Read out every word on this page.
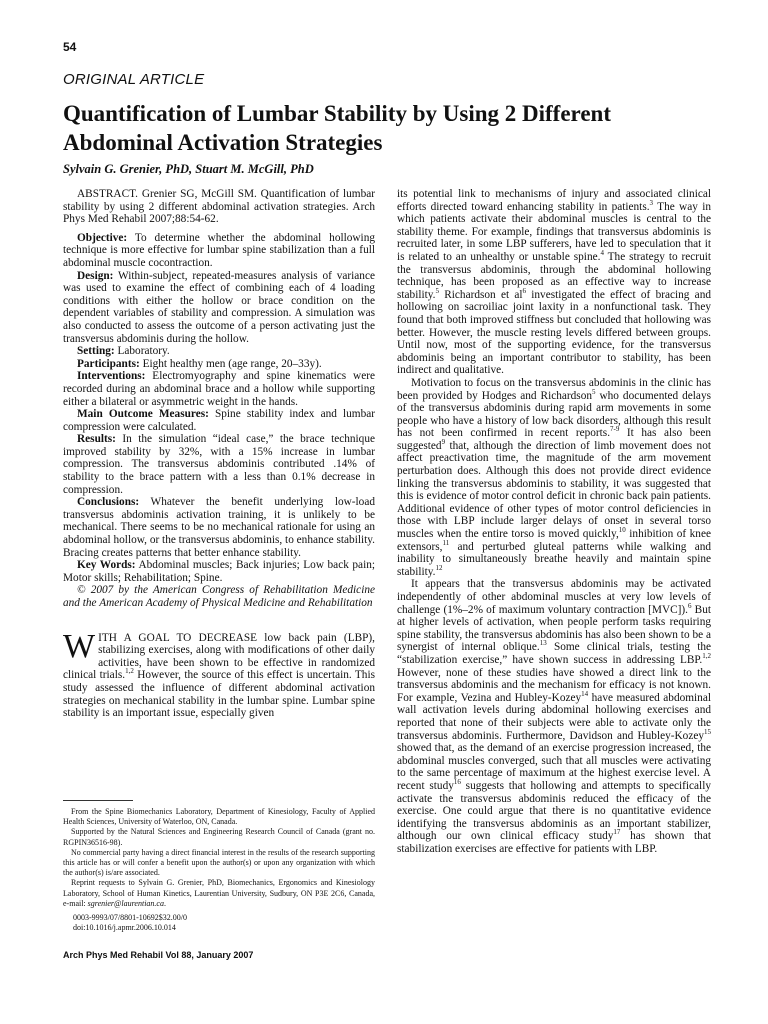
54
ORIGINAL ARTICLE
Quantification of Lumbar Stability by Using 2 Different Abdominal Activation Strategies
Sylvain G. Grenier, PhD, Stuart M. McGill, PhD

ABSTRACT. Grenier SG, McGill SM. Quantification of lumbar stability by using 2 different abdominal activation strategies. Arch Phys Med Rehabil 2007;88:54-62.

Objective: To determine whether the abdominal hollowing technique is more effective for lumbar spine stabilization than a full abdominal muscle cocontraction.

Design: Within-subject, repeated-measures analysis of variance was used to examine the effect of combining each of 4 loading conditions with either the hollow or brace condition on the dependent variables of stability and compression. A simulation was also conducted to assess the outcome of a person activating just the transversus abdominis during the hollow.

Setting: Laboratory.

Participants: Eight healthy men (age range, 20–33y).

Interventions: Electromyography and spine kinematics were recorded during an abdominal brace and a hollow while supporting either a bilateral or asymmetric weight in the hands.

Main Outcome Measures: Spine stability index and lumbar compression were calculated.

Results: In the simulation “ideal case,” the brace technique improved stability by 32%, with a 15% increase in lumbar compression. The transversus abdominis contributed .14% of stability to the brace pattern with a less than 0.1% decrease in compression.

Conclusions: Whatever the benefit underlying low-load transversus abdominis activation training, it is unlikely to be mechanical. There seems to be no mechanical rationale for using an abdominal hollow, or the transversus abdominis, to enhance stability. Bracing creates patterns that better enhance stability.

Key Words: Abdominal muscles; Back injuries; Low back pain; Motor skills; Rehabilitation; Spine.

© 2007 by the American Congress of Rehabilitation Medicine and the American Academy of Physical Medicine and Rehabilitation

WITH A GOAL TO DECREASE low back pain (LBP), stabilizing exercises, along with modifications of other daily activities, have been shown to be effective in randomized clinical trials.$^{1,2}$ However, the source of this effect is uncertain. This study assessed the influence of different abdominal activation strategies on mechanical stability in the lumbar spine. Lumbar spine stability is an important issue, especially given

From the Spine Biomechanics Laboratory, Department of Kinesiology, Faculty of Applied Health Sciences, University of Waterloo, ON, Canada.

Supported by the Natural Sciences and Engineering Research Council of Canada (grant no. RGPIN36516-98).

No commercial party having a direct financial interest in the results of the research supporting this article has or will confer a benefit upon the author(s) or upon any organization with which the author(s) is/are associated.

Reprint requests to Sylvain G. Grenier, PhD, Biomechanics, Ergonomics and Kinesiology Laboratory, School of Human Kinetics, Laurentian University, Sudbury, ON P3E 2C6, Canada, e-mail: sgrenier@laurentian.ca.

0003-9993/07/8801-10692$32.00/0

doi:10.1016/j.apmr.2006.10.014

its potential link to mechanisms of injury and associated clinical efforts directed toward enhancing stability in patients.$^3$ The way in which patients activate their abdominal muscles is central to the stability theme. For example, findings that transversus abdominis is recruited later, in some LBP sufferers, have led to speculation that it is related to an unhealthy or unstable spine.$^4$ The strategy to recruit the transversus abdominis, through the abdominal hollowing technique, has been proposed as an effective way to increase stability.$^5$ Richardson et $al^6$ investigated the effect of bracing and hollowing on sacroiliac joint laxity in a nonfunctional task. They found that both improved stiffness but concluded that hollowing was better. However, the muscle resting levels differed between groups. Until now, most of the supporting evidence, for the transversus abdominis being an important contributor to stability, has been indirect and qualitative.

Motivation to focus on the transversus abdominis in the clinic has been provided by Hodges and Richardson$^5$ who documented delays of the transversus abdominis during rapid arm movements in some people who have a history of low back disorders, although this result has not been confirmed in recent reports.$^{7-9}$ It has also been suggested$^9$ that, although the direction of limb movement does not affect preactivation time, the magnitude of the arm movement perturbation does. Although this does not provide direct evidence linking the transversus abdominis to stability, it was suggested that this is evidence of motor control deficit in chronic back pain patients. Additional evidence of other types of motor control deficiencies in those with LBP include larger delays of onset in several torso muscles when the entire torso is moved quickly,$^{10}$ inhibition of knee extensors,$^{11}$ and perturbed gluteal patterns while walking and inability to simultaneously breathe heavily and maintain spine stability.$^{12}$

It appears that the transversus abdominis may be activated independently of other abdominal muscles at very low levels of challenge (1%–2% of maximum voluntary contraction [MVC]).$^6$ But at higher levels of activation, when people perform tasks requiring spine stability, the transversus abdominis has also been shown to be a synergist of internal oblique.$^{13}$ Some clinical trials, testing the “stabilization exercise,” have shown success in addressing LBP.$^{1,2}$ However, none of these studies have showed a direct link to the transversus abdominis and the mechanism for efficacy is not known. For example, Vezina and Hubley-Kozey$^{14}$ have measured abdominal wall activation levels during abdominal hollowing exercises and reported that none of their subjects were able to activate only the transversus abdominis. Furthermore, Davidson and Hubley-Kozey$^{15}$ showed that, as the demand of an exercise progression increased, the abdominal muscles converged, such that all muscles were activating to the same percentage of maximum at the highest exercise level. A recent study$^{16}$ suggests that hollowing and attempts to specifically activate the transversus abdominis reduced the efficacy of the exercise. One could argue that there is no quantitative evidence identifying the transversus abdominis as an important stabilizer, although our own clinical efficacy study$^{17}$ has shown that stabilization exercises are effective for patients with LBP.

Arch Phys Med Rehabil Vol 88, January 2007
